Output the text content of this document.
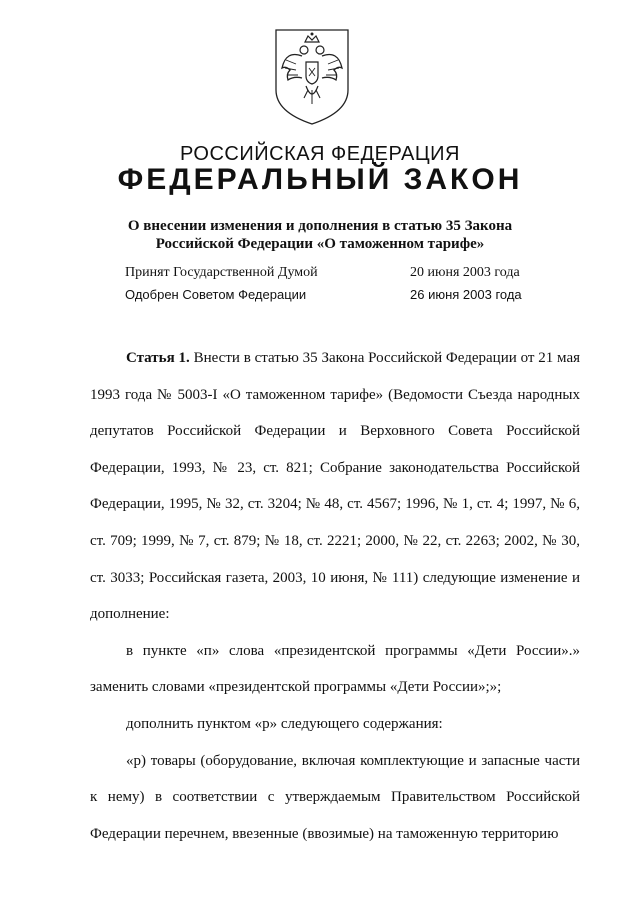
РОССИЙСКАЯ ФЕДЕРАЦИЯ
ФЕДЕРАЛЬНЫЙ ЗАКОН
О внесении изменения и дополнения в статью 35 Закона
Российской Федерации «О таможенном тарифе»
Принят Государственной Думой	20 июня 2003 года
Одобрен Советом Федерации	26 июня 2003 года

Статья 1. Внести в статью 35 Закона Российской Федерации от 21 мая 1993 года № 5003-I «О таможенном тарифе» (Ведомости Съезда народных депутатов Российской Федерации и Верховного Совета Российской Федерации, 1993, № 23, ст. 821; Собрание законодательства Российской Федерации, 1995, № 32, ст. 3204; № 48, ст. 4567; 1996, № 1, ст. 4; 1997, № 6, ст. 709; 1999, № 7, ст. 879; № 18, ст. 2221; 2000, № 22, ст. 2263; 2002, № 30, ст. 3033; Российская газета, 2003, 10 июня, № 111) следующие изменение и дополнение:

в пункте «п» слова «президентской программы «Дети России».» заменить словами «президентской программы «Дети России»;»;

дополнить пунктом «р» следующего содержания:

«р) товары (оборудование, включая комплектующие и запасные части к нему) в соответствии с утверждаемым Правительством Российской Федерации перечнем, ввезенные (ввозимые) на таможенную территорию
